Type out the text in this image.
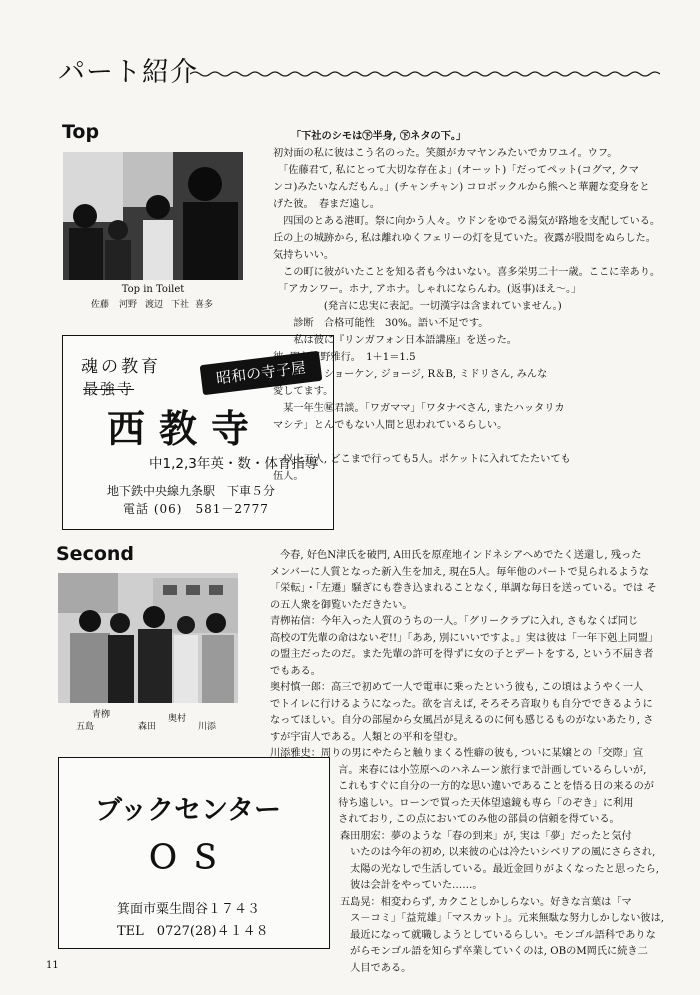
パート紹介
Top
Top in Toilet
佐藤 河野 渡辺 下社 喜多
魂の教育
最強寺
昭和の寺子屋
西教寺
中1,2,3年英・数・体育指導
地下鉄中央線九条駅　下車５分
電話 (06)　581－2777

「下社のシモは㊦半身, ㊦ネタの下。」

初対面の私に彼はこう名のった。笑顔がカマヤンみたいでカワユイ。ウフ。

　「佐藤君て, 私にとって大切な存在よ」(オーット)「だってペット(コグマ, クマ

ンコ)みたいなんだもん。」(チャンチャン) コロボックルから熊へと華麗な変身をと

げた彼。　春まだ遠し。

　四国のとある港町。祭に向かう人々。ウドンをゆでる湯気が路地を支配している。

丘の上の城跡から, 私は離れゆくフェリーの灯を見ていた。夜露が股間をぬらした。

気持ちいい。

　この町に彼がいたことを知る者も今はいない。喜多栄男二十一歳。ここに幸あり。

　「アカンワー。ホナ, アホナ。しゃれにならんわ。(返事)ほえ～。」

　　　　　(発言に忠実に表記。一切漢字は含まれていません。)

　　診断　合格可能性　30%。語い不足です。

　　私は彼に『リンガフォン日本語講座』を送った。

彼, 即ち河野雅行。　1＋1＝1.5

渡辺泰博。ショーケン, ジョージ, R＆B, ミドリさん, みんな

愛してます。

　某一年生㊙君談。「ワガママ」「ワタナベさん, またハッタリカ

マシテ」とんでもない人間と思われているらしい。

　以上五人, どこまで行っても5人。ポケットに入れてたたいても

伍人。

Second
青栁
五島	森田
奥村
川添
ブックセンター
ＯＳ
箕面市粟生間谷１７４３
TEL　0727(28)４１４８

今春, 好色N津氏を破門, A田氏を原産地インドネシアへめでたく送還し, 残った

メンバーに人質となった新入生を加え, 現在5人。毎年他のパートで見られるような

「栄転」・「左遷」騒ぎにも巻き込まれることなく, 単調な毎日を送っている。では そ

の五人衆を御覧いただきたい。

青栁祐信：今年入った人質のうちの一人。「グリークラブに入れ, さもなくば同じ

高校のT先輩の命はないぞ!!」「ああ, 別にいいですよ。」実は彼は「一年下剋上同盟」

の盟主だったのだ。また先輩の許可を得ずに女の子とデートをする, という不届き者

でもある。

奥村慎一郎：高三で初めて一人で電車に乗ったという彼も, この頃はようやく一人

でトイレに行けるようになった。欲を言えば, そろそろ音取りも自分でできるように

なってほしい。自分の部屋から女風呂が見えるのに何も感じるものがないあたり, さ

すが宇宙人である。人類との平和を望む。

川添雅史：周りの男にやたらと触りまくる性癖の彼も, ついに某嬢との「交際」宣

　言。来春には小笠原へのハネムーン旅行まで計画しているらしいが,

　これもすぐに自分の一方的な思い違いであることを悟る日の来るのが

　待ち遠しい。ローンで買った天体望遠鏡も専ら「のぞき」に利用

　されており, この点においてのみ他の部員の信頼を得ている。

森田朋宏：夢のような「春の到来」が, 実は「夢」だったと気付

　いたのは今年の初め, 以来彼の心は冷たいシベリアの風にさらされ,

　太陽の光なしで生活している。最近金回りがよくなったと思ったら,

　彼は会計をやっていた……。

五島晃：相変わらず, カクことしかしらない。好きな言葉は「マ

　ス－コミ」「益荒雄」「マスカット」。元来無駄な努力しかしない彼は,

　最近になって就職しようとしているらしい。モンゴル語科でありな

　がらモンゴル語を知らず卒業していくのは, OBのM岡氏に続き二

　人目である。

11
